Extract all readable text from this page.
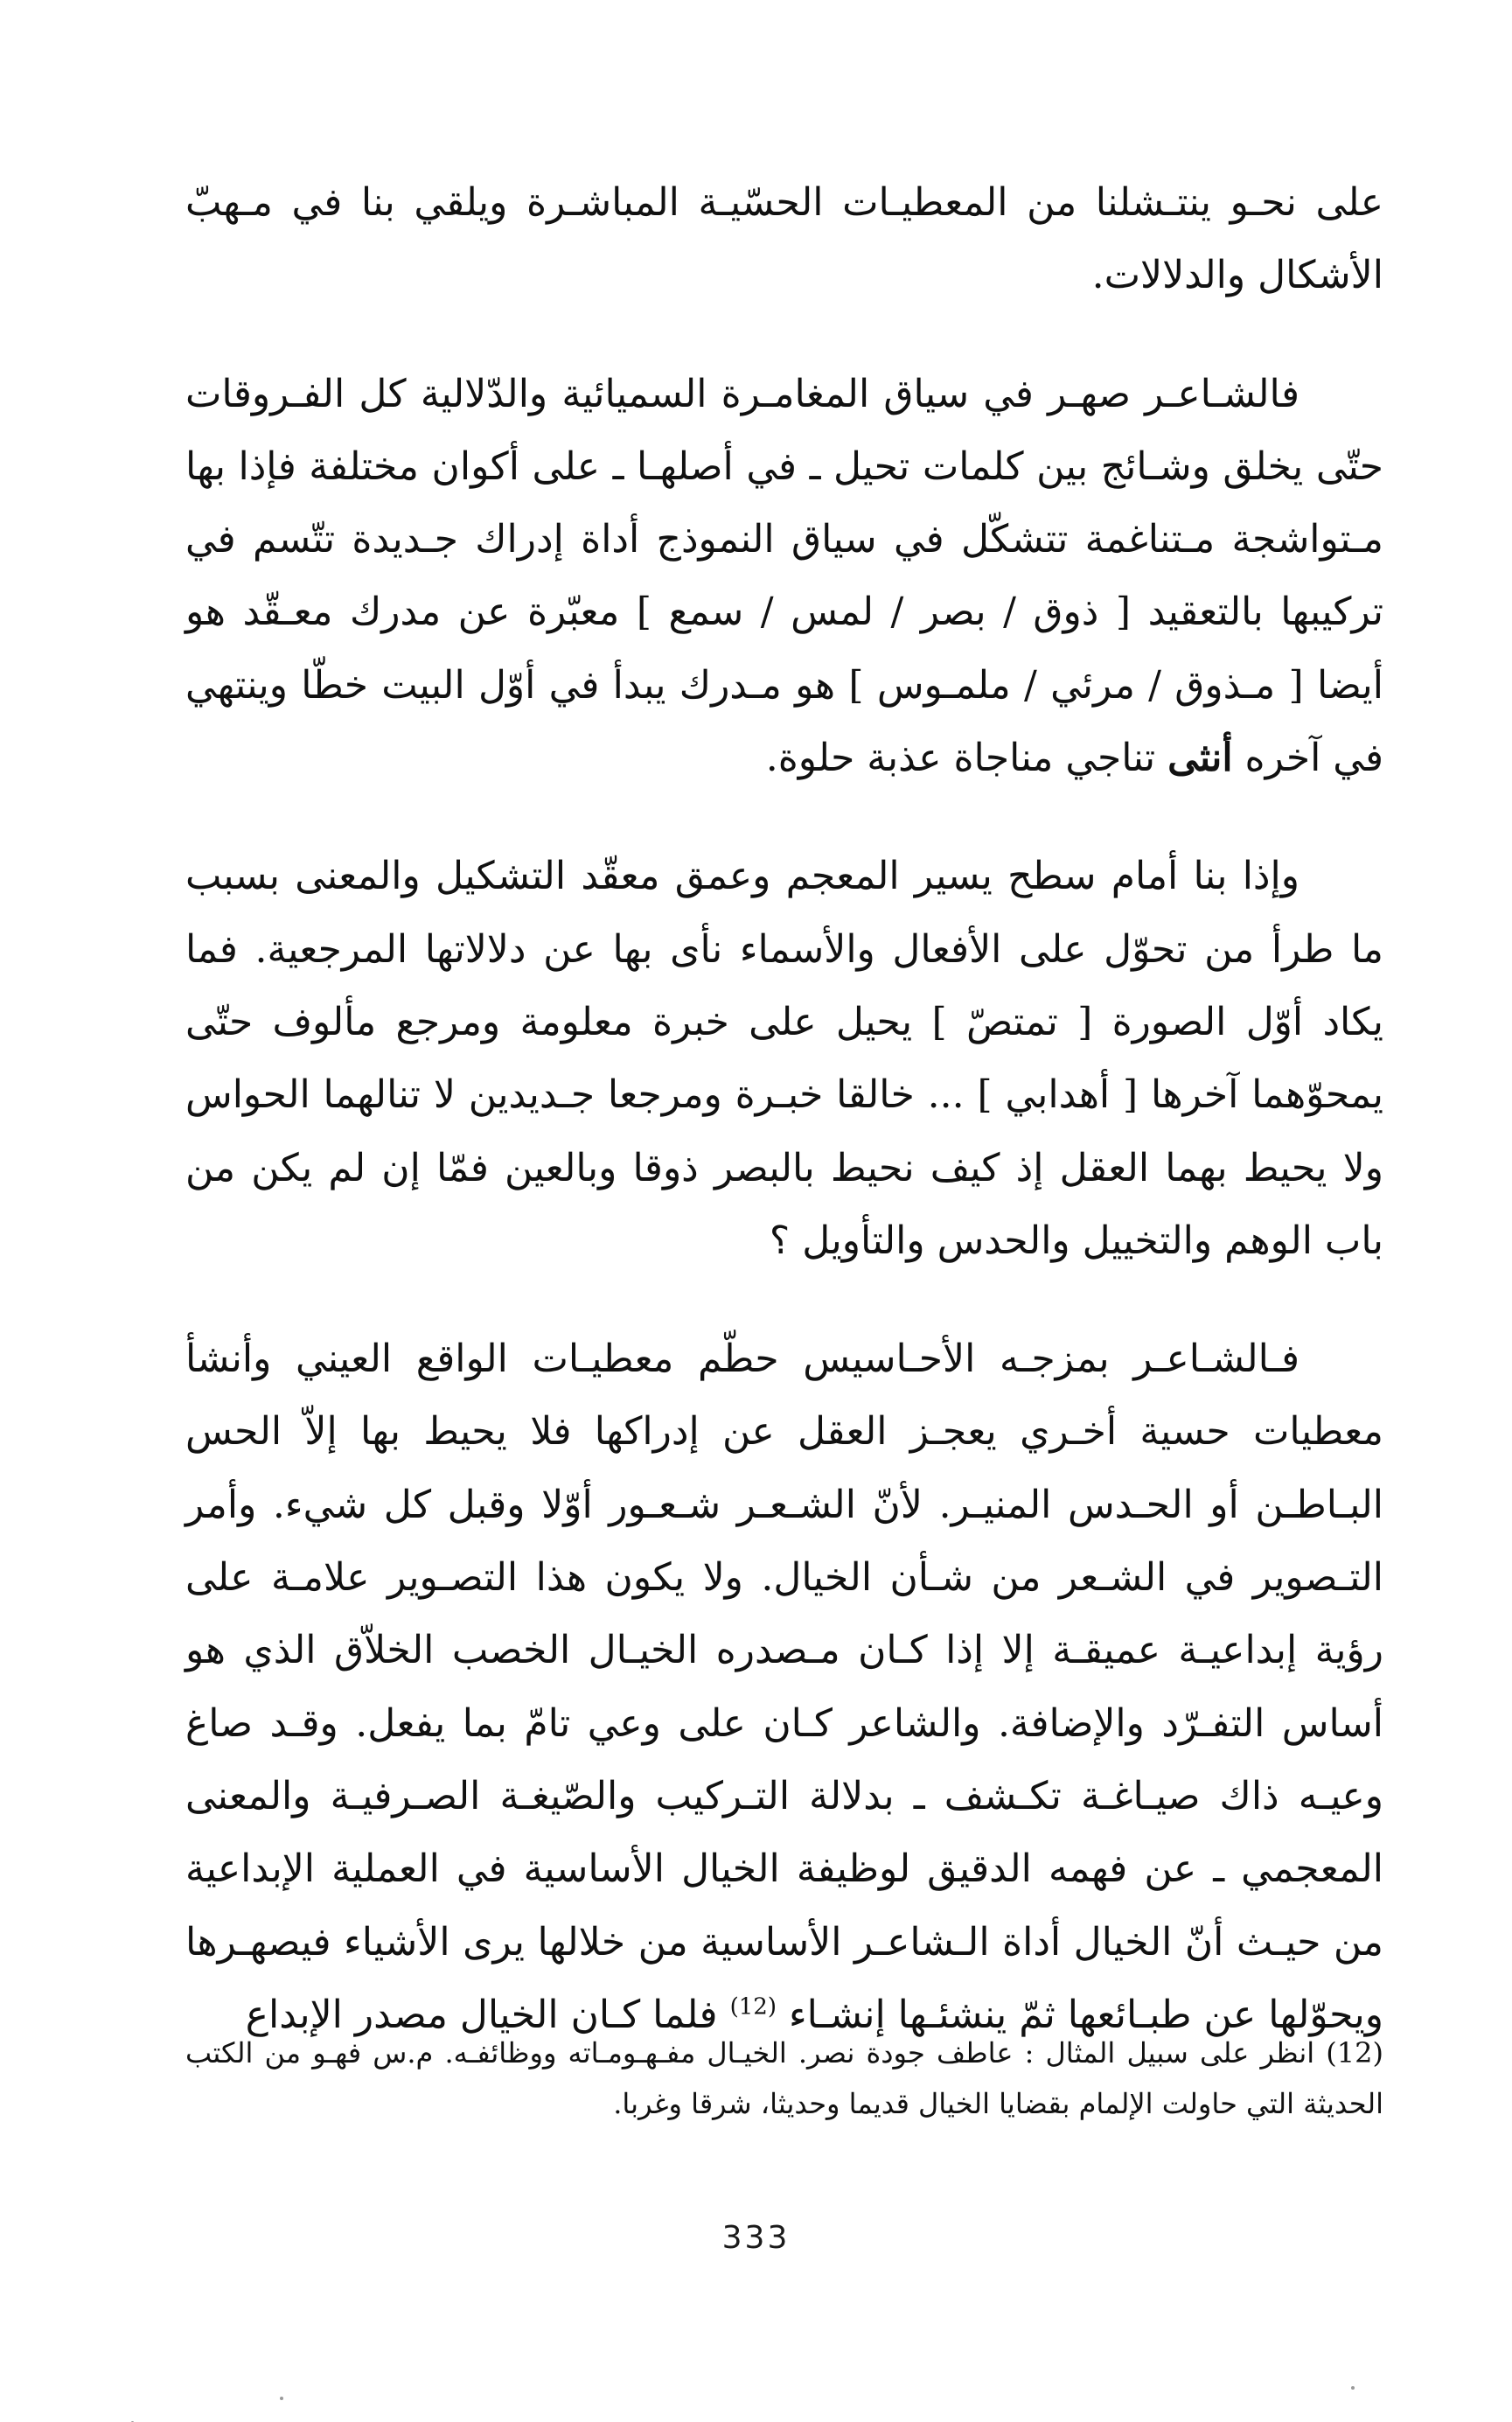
على نحـو ينتـشلنا من المعطيـات الحسّيـة المباشـرة ويلقي بنا في مـهبّ الأشكال والدلالات.

فالشـاعـر صهـر في سياق المغامـرة السميائية والدّلالية كل الفـروقات حتّى يخلق وشـائج بين كلمات تحيل ـ في أصلهـا ـ على أكوان مختلفة فإذا بها مـتواشجة مـتناغمة تتشكّل في سياق النموذج أداة إدراك جـديدة تتّسم في تركيبها بالتعقيد [ ذوق / بصر / لمس / سمع ] معبّرة عن مدرك معـقّد هو أيضا [ مـذوق / مرئي / ملمـوس ] هو مـدرك يبدأ في أوّل البيت خطّا وينتهي في آخره أنثى تناجي مناجاة عذبة حلوة.

وإذا بنا أمام سطح يسير المعجم وعمق معقّد التشكيل والمعنى بسبب ما طرأ من تحوّل على الأفعال والأسماء نأى بها عن دلالاتها المرجعية. فما يكاد أوّل الصورة [ تمتصّ ] يحيل على خبرة معلومة ومرجع مألوف حتّى يمحوّهما آخرها [ أهدابي ] ... خالقا خبـرة ومرجعا جـديدين لا تنالهما الحواس ولا يحيط بهما العقل إذ كيف نحيط بالبصر ذوقا وبالعين فمّا إن لم يكن من باب الوهم والتخييل والحدس والتأويل ؟

فـالشـاعـر بمزجـه الأحـاسيس حطّم معطيـات الواقع العيني وأنشأ معطيات حسية أخـري يعجـز العقل عن إدراكها فلا يحيط بها إلاّ الحس البـاطـن أو الحـدس المنيـر. لأنّ الشـعـر شـعـور أوّلا وقبل كل شيء. وأمر التـصوير في الشـعر من شـأن الخيال. ولا يكون هذا التصـوير علامـة على رؤية إبداعيـة عميقـة إلا إذا كـان مـصدره الخيـال الخصب الخلاّق الذي هو أساس التفـرّد والإضافة. والشاعر كـان على وعي تامّ بما يفعل. وقـد صاغ وعيـه ذاك صيـاغـة تكـشف ـ بدلالة التـركيب والصّيغـة الصـرفيـة والمعنى المعجمي ـ عن فهمه الدقيق لوظيفة الخيال الأساسية في العملية الإبداعية من حيـث أنّ الخيال أداة الـشاعـر الأساسية من خلالها يرى الأشياء فيصهـرها ويحوّلها عن طبـائعها ثمّ ينشئـها إنشـاء $^{(12)}$ فلما كـان الخيال مصدر الإبداع

(12) انظر على سبيل المثال : عاطف جودة نصر. الخيـال مفـهـومـاته ووظائفـه. م.س فهـو من الكتب الحديثة التي حاولت الإلمام بقضايا الخيال قديما وحديثا، شرقا وغربا.

333
